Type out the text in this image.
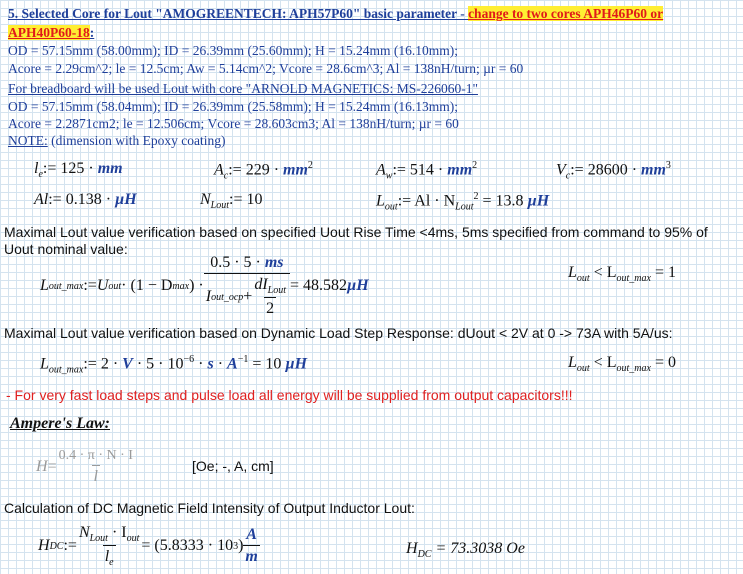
5. Selected Core for Lout "AMOGREENTECH: APH57P60" basic parameter - change to two cores APH46P60 or
APH40P60-18:
OD = 57.15mm (58.00mm); ID = 26.39mm (25.60mm); H = 15.24mm (16.10mm);
Acore = 2.29cm^2; le = 12.5cm; Aw = 5.14cm^2; Vcore = 28.6cm^3; Al = 138nH/turn; µr = 60
For breadboard will be used Lout with core "ARNOLD MAGNETICS: MS-226060-1"
OD = 57.15mm (58.04mm); ID = 26.39mm (25.58mm); H = 15.24mm (16.13mm);
Acore = 2.2871cm2; le = 12.506cm; Vcore = 28.603cm3; Al = 138nH/turn; µr = 60
NOTE: (dimension with Epoxy coating)
$l_e:= 125$ · mm	$A_c:= 229 \cdot mm^2$	$A_w:= 514 \cdot mm^2$	$V_c:= 28600 \cdot mm^3$
Al:= 0.138 · µH	$N_{Lout}:= 10$	$L_{out}:= Al \cdot N_{Lout}^2 = 13.8$ µH
Maximal Lout value verification based on specified Uout Rise Time <4ms, 5ms specified from command to 95% of
Uout nominal value:
L out_max := U out · (1 − D max ) · $\frac{0.5 \cdot 5 \cdot ms}{I out\_ocp + \frac{dI_{Lout}}{2}} = 48.582$ µH
$L_{out} < L_{out\_max} = 1$
Maximal Lout value verification based on Dynamic Load Step Response: dUout < 2V at 0 -> 73A with 5A/us:
$L_{out\_max}:= 2 \cdot V \cdot 5 \cdot 10^{-6} \cdot s \cdot A^{-1} = 10$ µH	$L_{out} < L_{out\_max} = 0$
- For very fast load steps and pulse load all energy will be supplied from output capacitors!!!
Ampere's Law:
$H = \frac{0.4 \cdot \pi \cdot N \cdot I}{l}$	[Oe; -, A, cm]
Calculation of DC Magnetic Field Intensity of Output Inductor Lout:
H DC := $\frac{N_{Lout} \cdot I_{out}}{l_e} = (5.8333 \cdot 10$ 3 ) $\frac{A}{m}$	$H_{DC} = 73.3038$ Oe
